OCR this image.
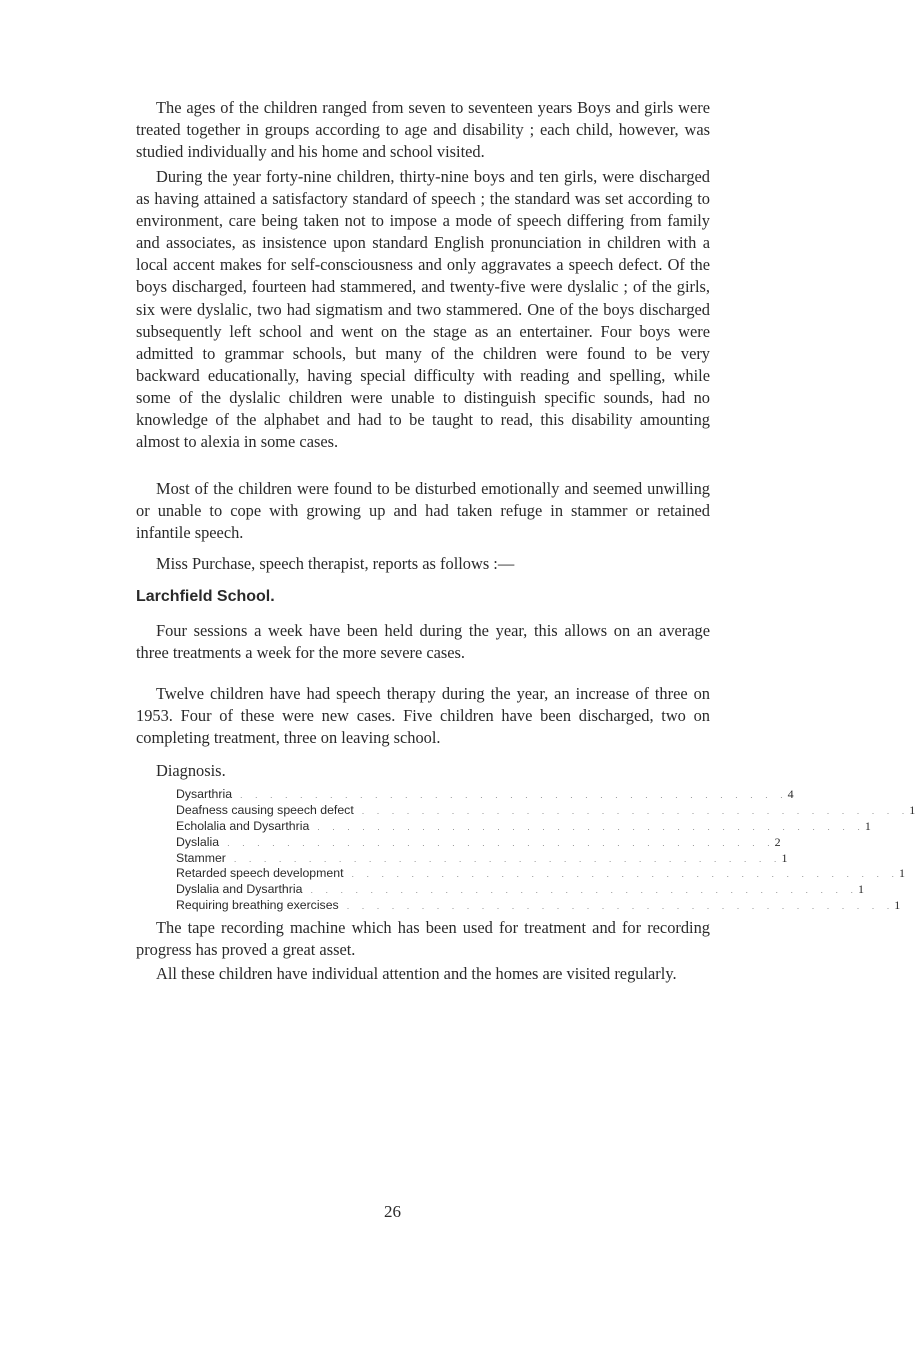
The ages of the children ranged from seven to seventeen years Boys and girls were treated together in groups according to age and disability ; each child, however, was studied individually and his home and school visited.

During the year forty-nine children, thirty-nine boys and ten girls, were discharged as having attained a satisfactory standard of speech ; the standard was set according to environment, care being taken not to impose a mode of speech differing from family and associates, as insistence upon standard English pronunciation in children with a local accent makes for self-consciousness and only aggravates a speech defect. Of the boys discharged, fourteen had stammered, and twenty-five were dyslalic ; of the girls, six were dyslalic, two had sigmatism and two stammered. One of the boys discharged subsequently left school and went on the stage as an entertainer. Four boys were admitted to grammar schools, but many of the children were found to be very backward educationally, having special difficulty with reading and spelling, while some of the dyslalic children were unable to distinguish specific sounds, had no knowledge of the alphabet and had to be taught to read, this disability amounting almost to alexia in some cases.

Most of the children were found to be disturbed emotionally and seemed unwilling or unable to cope with growing up and had taken refuge in stammer or retained infantile speech.

Miss Purchase, speech therapist, reports as follows :—

Larchfield School.

Four sessions a week have been held during the year, this allows on an average three treatments a week for the more severe cases.

Twelve children have had speech therapy during the year, an increase of three on 1953. Four of these were new cases. Five children have been discharged, two on completing treatment, three on leaving school.

Diagnosis.

Dysarthria . . . . . . . . . . . . . . . . . . . . . . . . . . . . . . . . . . . . . 4
Deafness causing speech defect . . . . . . . . . . . . . . . . . . . . . . . . . . . . . . . . . . . . . 1
Echolalia and Dysarthria . . . . . . . . . . . . . . . . . . . . . . . . . . . . . . . . . . . . . 1
Dyslalia . . . . . . . . . . . . . . . . . . . . . . . . . . . . . . . . . . . . . 2
Stammer . . . . . . . . . . . . . . . . . . . . . . . . . . . . . . . . . . . . . 1
Retarded speech development . . . . . . . . . . . . . . . . . . . . . . . . . . . . . . . . . . . . . 1
Dyslalia and Dysarthria . . . . . . . . . . . . . . . . . . . . . . . . . . . . . . . . . . . . . 1
Requiring breathing exercises . . . . . . . . . . . . . . . . . . . . . . . . . . . . . . . . . . . . . 1

The tape recording machine which has been used for treatment and for recording progress has proved a great asset.

All these children have individual attention and the homes are visited regularly.

26
